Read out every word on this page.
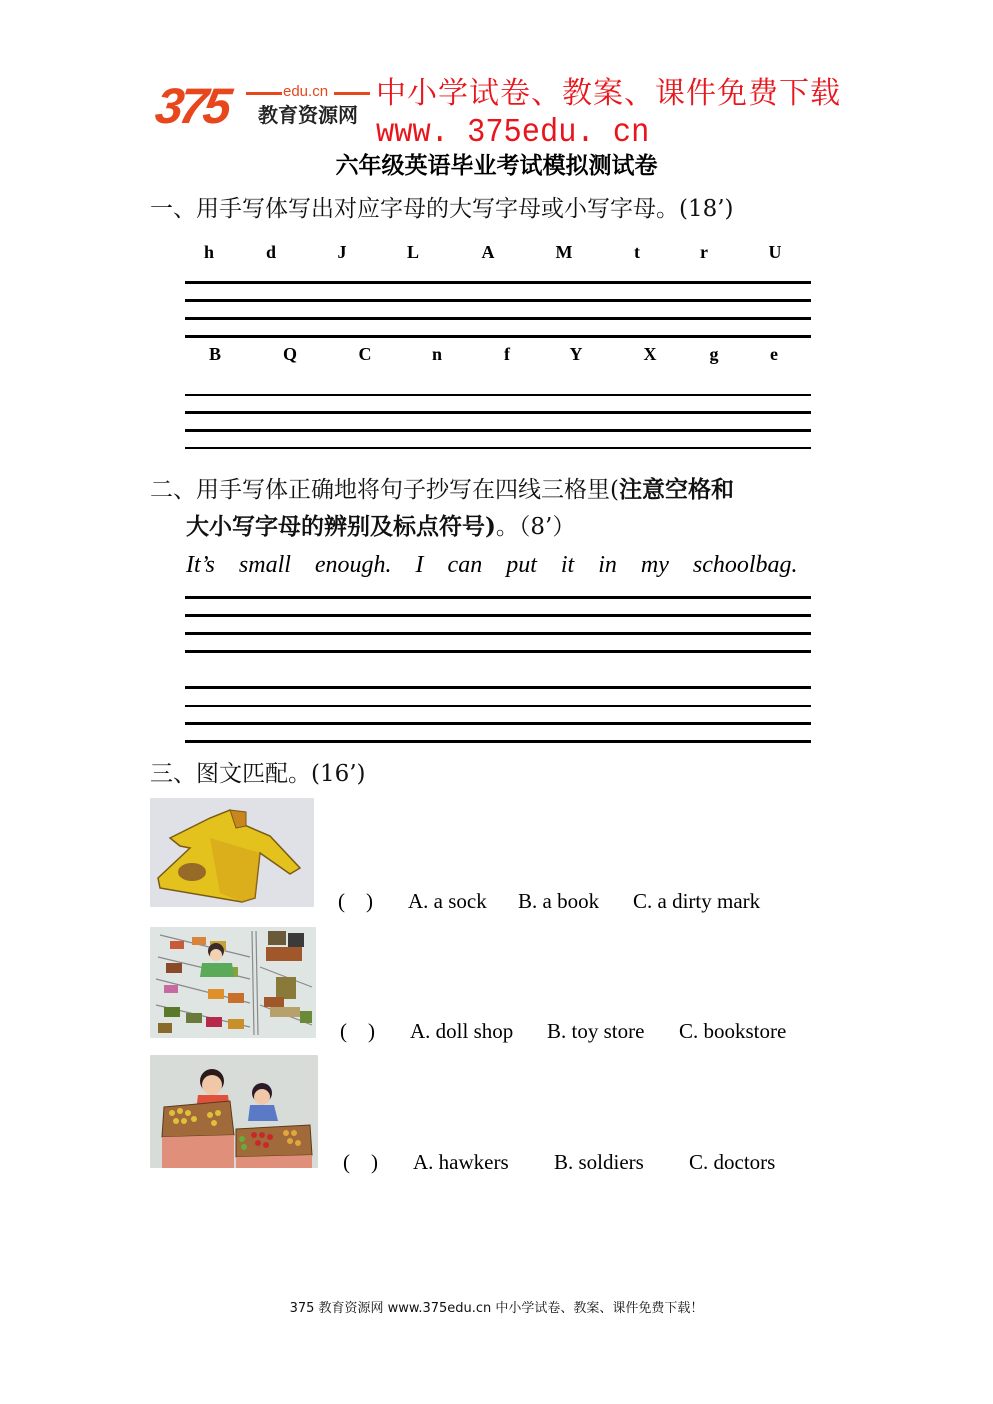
375	edu.cn
教育资源网
中小学试卷、教案、课件免费下载
www. 375edu. cn
六年级英语毕业考试模拟测试卷
一、用手写体写出对应字母的大写字母或小写字母。(18’)
h	d	J	L	A	M	t	r	U
B	Q	C	n	f	Y	X	g	e
二、用手写体正确地将句子抄写在四线三格里(注意空格和
大小写字母的辨别及标点符号)。（8’）
It’s small enough. I can put it in my schoolbag.
三、图文匹配。(16’)
(　) A. a sock B. a book C. a dirty mark
(　) A. doll shop B. toy store C. bookstore
(　) A. hawkers B. soldiers C. doctors
375 教育资源网 www.375edu.cn 中小学试卷、教案、课件免费下载！
